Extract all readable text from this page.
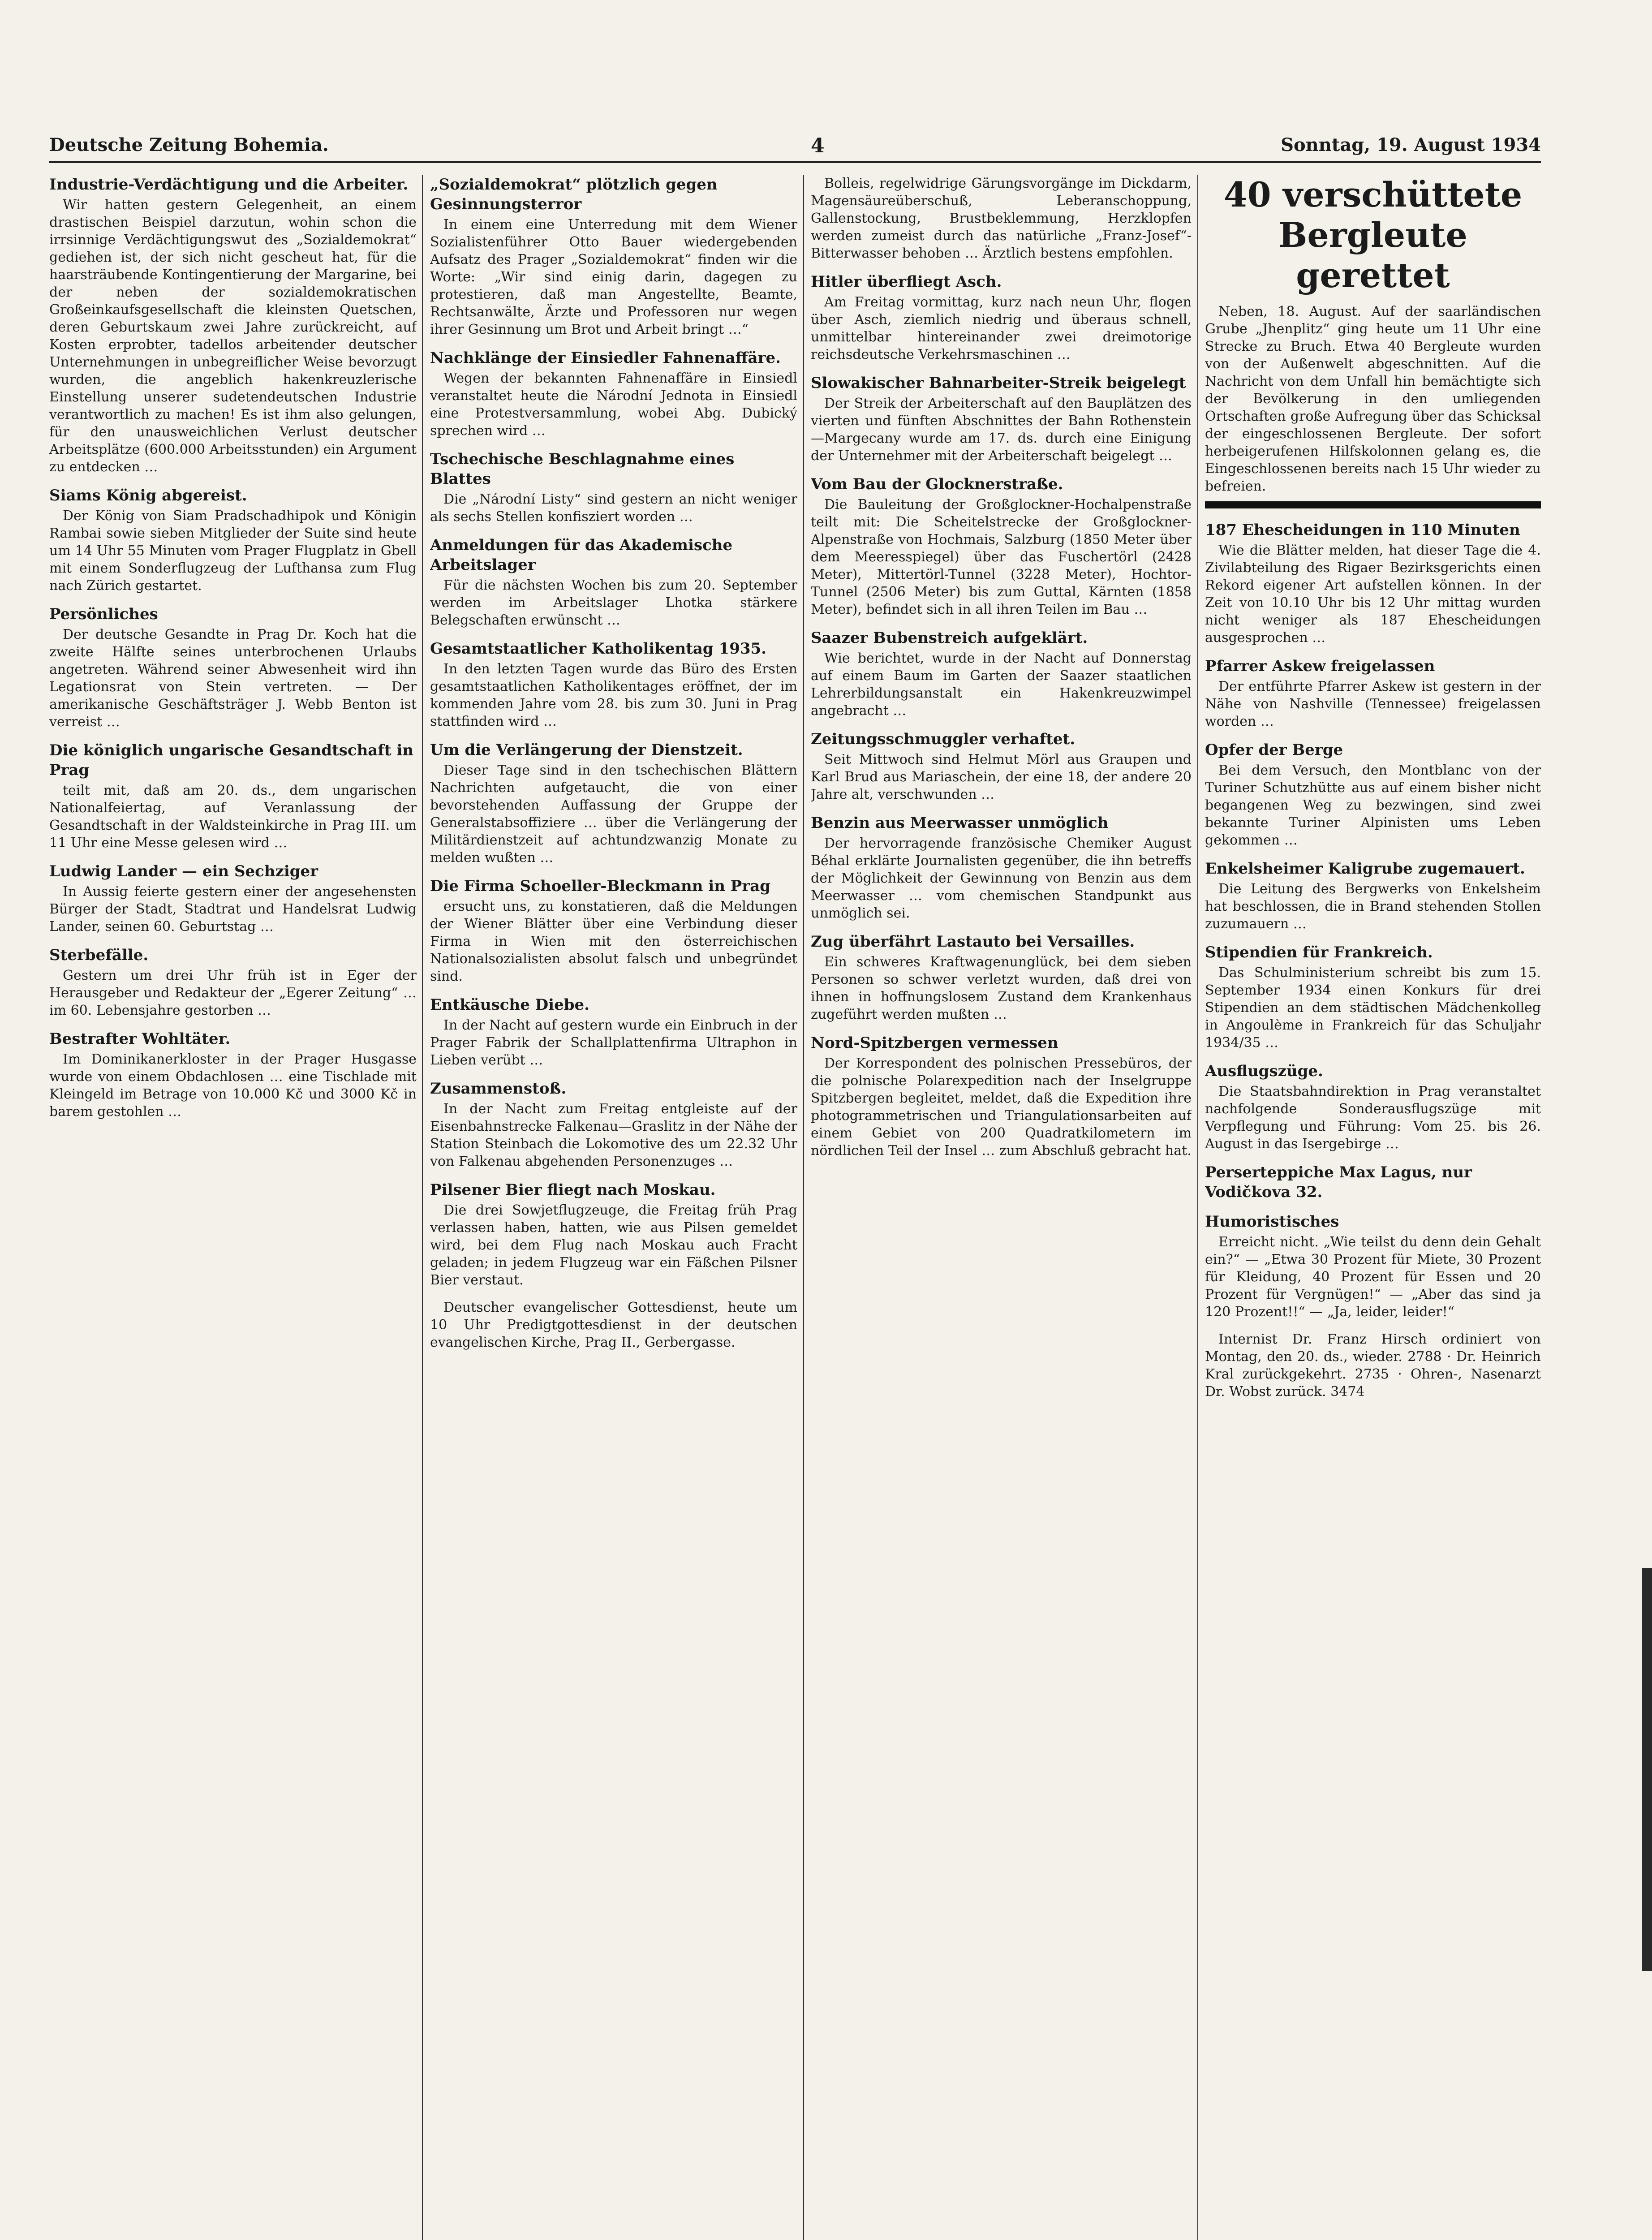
Deutsche Zeitung Bohemia.	4	Sonntag, 19. August 1934
Industrie-Verdächtigung und die Arbeiter.

Wir hatten gestern Gelegenheit, an einem drastischen Beispiel darzutun, wohin schon die irrsinnige Verdächtigungswut des „Sozialdemokrat“ gediehen ist, der sich nicht gescheut hat, für die haarsträubende Kontingentierung der Margarine, bei der neben der sozialdemokratischen Großeinkaufsgesellschaft die kleinsten Quetschen, deren Geburtskaum zwei Jahre zurückreicht, auf Kosten erprobter, tadellos arbeitender deutscher Unternehmungen in unbegreiflicher Weise bevorzugt wurden, die angeblich hakenkreuzlerische Einstellung unserer sudetendeutschen Industrie verantwortlich zu machen! Es ist ihm also gelungen, für den unausweichlichen Verlust deutscher Arbeitsplätze (600.000 Arbeitsstunden) ein Argument zu entdecken …

Siams König abgereist.

Der König von Siam Pradschadhipok und Königin Rambai sowie sieben Mitglieder der Suite sind heute um 14 Uhr 55 Minuten vom Prager Flugplatz in Gbell mit einem Sonderflugzeug der Lufthansa zum Flug nach Zürich gestartet.

Persönliches

Der deutsche Gesandte in Prag Dr. Koch hat die zweite Hälfte seines unterbrochenen Urlaubs angetreten. Während seiner Abwesenheit wird ihn Legationsrat von Stein vertreten. — Der amerikanische Geschäftsträger J. Webb Benton ist verreist …

Die königlich ungarische Gesandtschaft in Prag

teilt mit, daß am 20. ds., dem ungarischen Nationalfeiertag, auf Veranlassung der Gesandtschaft in der Waldsteinkirche in Prag III. um 11 Uhr eine Messe gelesen wird …

Ludwig Lander — ein Sechziger

In Aussig feierte gestern einer der angesehensten Bürger der Stadt, Stadtrat und Handelsrat Ludwig Lander, seinen 60. Geburtstag …

Sterbefälle.

Gestern um drei Uhr früh ist in Eger der Herausgeber und Redakteur der „Egerer Zeitung“ … im 60. Lebensjahre gestorben …

Bestrafter Wohltäter.

Im Dominikanerkloster in der Prager Husgasse wurde von einem Obdachlosen … eine Tischlade mit Kleingeld im Betrage von 10.000 Kč und 3000 Kč in barem gestohlen …

„Sozialdemokrat“ plötzlich gegen Gesinnungsterror

In einem eine Unterredung mit dem Wiener Sozialistenführer Otto Bauer wiedergebenden Aufsatz des Prager „Sozialdemokrat“ finden wir die Worte: „Wir sind einig darin, dagegen zu protestieren, daß man Angestellte, Beamte, Rechtsanwälte, Ärzte und Professoren nur wegen ihrer Gesinnung um Brot und Arbeit bringt …“

Nachklänge der Einsiedler Fahnenaffäre.

Wegen der bekannten Fahnenaffäre in Einsiedl veranstaltet heute die Národní Jednota in Einsiedl eine Protestversammlung, wobei Abg. Dubický sprechen wird …

Tschechische Beschlagnahme eines Blattes

Die „Národní Listy“ sind gestern an nicht weniger als sechs Stellen konfisziert worden …

Anmeldungen für das Akademische Arbeitslager

Für die nächsten Wochen bis zum 20. September werden im Arbeitslager Lhotka stärkere Belegschaften erwünscht …

Gesamtstaatlicher Katholikentag 1935.

In den letzten Tagen wurde das Büro des Ersten gesamtstaatlichen Katholikentages eröffnet, der im kommenden Jahre vom 28. bis zum 30. Juni in Prag stattfinden wird …

Um die Verlängerung der Dienstzeit.

Dieser Tage sind in den tschechischen Blättern Nachrichten aufgetaucht, die von einer bevorstehenden Auffassung der Gruppe der Generalstabsoffiziere … über die Verlängerung der Militärdienstzeit auf achtundzwanzig Monate zu melden wußten …

Die Firma Schoeller-Bleckmann in Prag

ersucht uns, zu konstatieren, daß die Meldungen der Wiener Blätter über eine Verbindung dieser Firma in Wien mit den österreichischen Nationalsozialisten absolut falsch und unbegründet sind.

Entkäusche Diebe.

In der Nacht auf gestern wurde ein Einbruch in der Prager Fabrik der Schallplattenfirma Ultraphon in Lieben verübt …

Zusammenstoß.

In der Nacht zum Freitag entgleiste auf der Eisenbahnstrecke Falkenau—Graslitz in der Nähe der Station Steinbach die Lokomotive des um 22.32 Uhr von Falkenau abgehenden Personenzuges …

Pilsener Bier fliegt nach Moskau.

Die drei Sowjetflugzeuge, die Freitag früh Prag verlassen haben, hatten, wie aus Pilsen gemeldet wird, bei dem Flug nach Moskau auch Fracht geladen; in jedem Flugzeug war ein Fäßchen Pilsner Bier verstaut.

Deutscher evangelischer Gottesdienst, heute um 10 Uhr Predigtgottesdienst in der deutschen evangelischen Kirche, Prag II., Gerbergasse.

Bolleis, regelwidrige Gärungsvorgänge im Dickdarm, Magensäureüberschuß, Leberanschoppung, Gallenstockung, Brustbeklemmung, Herzklopfen werden zumeist durch das natürliche „Franz-Josef“-Bitterwasser behoben … Ärztlich bestens empfohlen.

Hitler überfliegt Asch.

Am Freitag vormittag, kurz nach neun Uhr, flogen über Asch, ziemlich niedrig und überaus schnell, unmittelbar hintereinander zwei dreimotorige reichsdeutsche Verkehrsmaschinen …

Slowakischer Bahnarbeiter-Streik beigelegt

Der Streik der Arbeiterschaft auf den Bauplätzen des vierten und fünften Abschnittes der Bahn Rothenstein—Margecany wurde am 17. ds. durch eine Einigung der Unternehmer mit der Arbeiterschaft beigelegt …

Vom Bau der Glocknerstraße.

Die Bauleitung der Großglockner-Hochalpenstraße teilt mit: Die Scheitelstrecke der Großglockner-Alpenstraße von Hochmais, Salzburg (1850 Meter über dem Meeresspiegel) über das Fuschertörl (2428 Meter), Mittertörl-Tunnel (3228 Meter), Hochtor-Tunnel (2506 Meter) bis zum Guttal, Kärnten (1858 Meter), befindet sich in all ihren Teilen im Bau …

Saazer Bubenstreich aufgeklärt.

Wie berichtet, wurde in der Nacht auf Donnerstag auf einem Baum im Garten der Saazer staatlichen Lehrerbildungsanstalt ein Hakenkreuzwimpel angebracht …

Zeitungsschmuggler verhaftet.

Seit Mittwoch sind Helmut Mörl aus Graupen und Karl Brud aus Mariaschein, der eine 18, der andere 20 Jahre alt, verschwunden …

Benzin aus Meerwasser unmöglich

Der hervorragende französische Chemiker August Béhal erklärte Journalisten gegenüber, die ihn betreffs der Möglichkeit der Gewinnung von Benzin aus dem Meerwasser … vom chemischen Standpunkt aus unmöglich sei.

Zug überfährt Lastauto bei Versailles.

Ein schweres Kraftwagenunglück, bei dem sieben Personen so schwer verletzt wurden, daß drei von ihnen in hoffnungslosem Zustand dem Krankenhaus zugeführt werden mußten …

Nord-Spitzbergen vermessen

Der Korrespondent des polnischen Pressebüros, der die polnische Polarexpedition nach der Inselgruppe Spitzbergen begleitet, meldet, daß die Expedition ihre photogrammetrischen und Triangulationsarbeiten auf einem Gebiet von 200 Quadratkilometern im nördlichen Teil der Insel … zum Abschluß gebracht hat.

40 verschüttete Bergleute gerettet

Neben, 18. August. Auf der saarländischen Grube „Jhenplitz“ ging heute um 11 Uhr eine Strecke zu Bruch. Etwa 40 Bergleute wurden von der Außenwelt abgeschnitten. Auf die Nachricht von dem Unfall hin bemächtigte sich der Bevölkerung in den umliegenden Ortschaften große Aufregung über das Schicksal der eingeschlossenen Bergleute. Der sofort herbeigerufenen Hilfskolonnen gelang es, die Eingeschlossenen bereits nach 15 Uhr wieder zu befreien.

187 Ehescheidungen in 110 Minuten

Wie die Blätter melden, hat dieser Tage die 4. Zivilabteilung des Rigaer Bezirksgerichts einen Rekord eigener Art aufstellen können. In der Zeit von 10.10 Uhr bis 12 Uhr mittag wurden nicht weniger als 187 Ehescheidungen ausgesprochen …

Pfarrer Askew freigelassen

Der entführte Pfarrer Askew ist gestern in der Nähe von Nashville (Tennessee) freigelassen worden …

Opfer der Berge

Bei dem Versuch, den Montblanc von der Turiner Schutzhütte aus auf einem bisher nicht begangenen Weg zu bezwingen, sind zwei bekannte Turiner Alpinisten ums Leben gekommen …

Enkelsheimer Kaligrube zugemauert.

Die Leitung des Bergwerks von Enkelsheim hat beschlossen, die in Brand stehenden Stollen zuzumauern …

Stipendien für Frankreich.

Das Schulministerium schreibt bis zum 15. September 1934 einen Konkurs für drei Stipendien an dem städtischen Mädchenkolleg in Angoulème in Frankreich für das Schuljahr 1934/35 …

Ausflugszüge.

Die Staatsbahndirektion in Prag veranstaltet nachfolgende Sonderausflugszüge mit Verpflegung und Führung: Vom 25. bis 26. August in das Isergebirge …

Perserteppiche Max Lagus, nur Vodičkova 32.
Humoristisches

Erreicht nicht. „Wie teilst du denn dein Gehalt ein?“ — „Etwa 30 Prozent für Miete, 30 Prozent für Kleidung, 40 Prozent für Essen und 20 Prozent für Vergnügen!“ — „Aber das sind ja 120 Prozent!!“ — „Ja, leider, leider!“

Internist Dr. Franz Hirsch ordiniert von Montag, den 20. ds., wieder. 2788 · Dr. Heinrich Kral zurückgekehrt. 2735 · Ohren-, Nasenarzt Dr. Wobst zurück. 3474
